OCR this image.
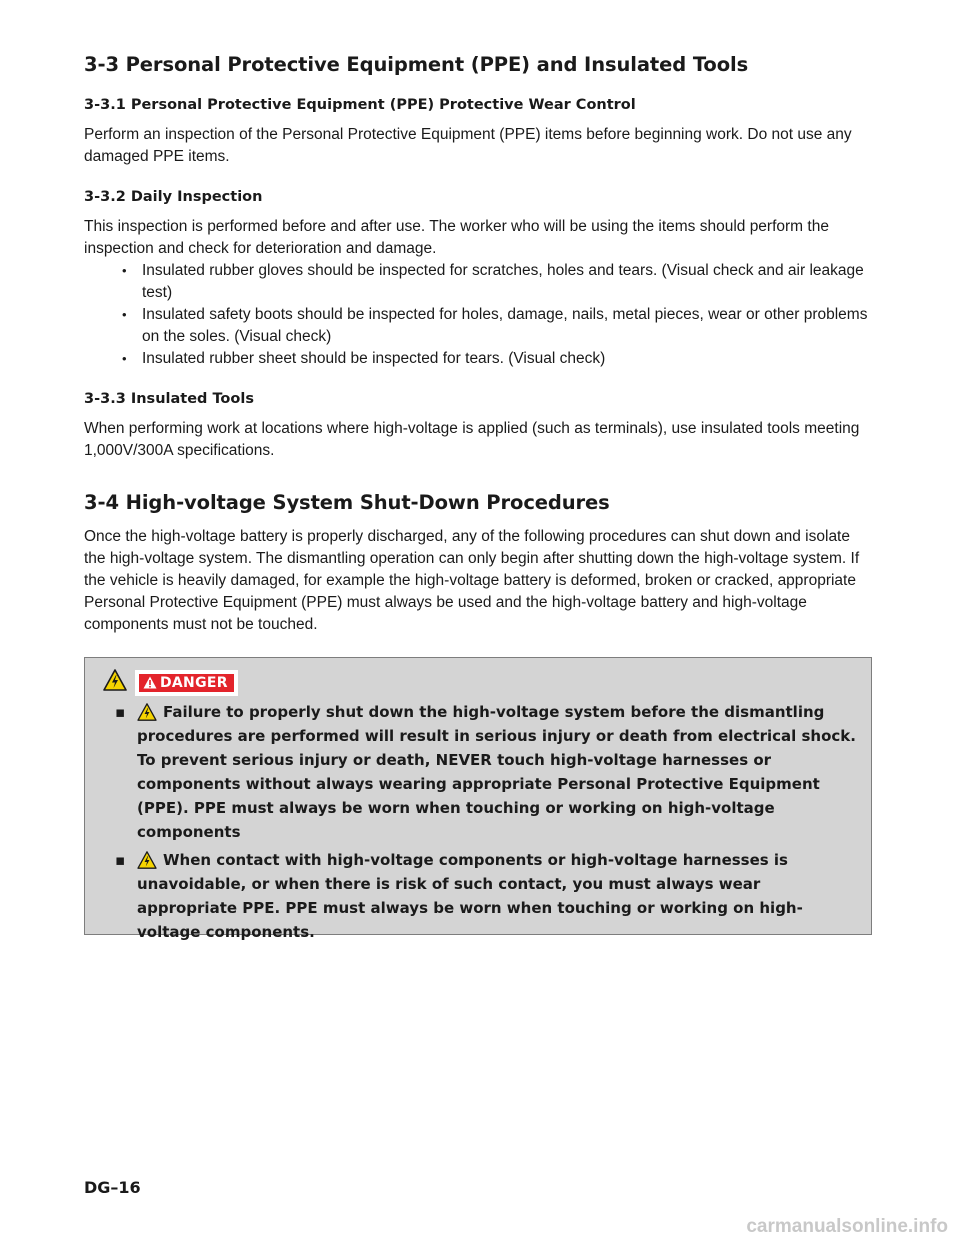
3-3 Personal Protective Equipment (PPE) and Insulated Tools
3-3.1 Personal Protective Equipment (PPE) Protective Wear Control

Perform an inspection of the Personal Protective Equipment (PPE) items before beginning work. Do not use any damaged PPE items.

3-3.2 Daily Inspection

This inspection is performed before and after use. The worker who will be using the items should perform the inspection and check for deterioration and damage.

• Insulated rubber gloves should be inspected for scratches, holes and tears. (Visual check and air leakage test)
• Insulated safety boots should be inspected for holes, damage, nails, metal pieces, wear or other problems on the soles. (Visual check)
• Insulated rubber sheet should be inspected for tears. (Visual check)
3-3.3 Insulated Tools

When performing work at locations where high-voltage is applied (such as terminals), use insulated tools meeting 1,000V/300A specifications.

3-4 High-voltage System Shut-Down Procedures

Once the high-voltage battery is properly discharged, any of the following procedures can shut down and isolate the high-voltage system. The dismantling operation can only begin after shutting down the high-voltage system. If the vehicle is heavily damaged, for example the high-voltage battery is deformed, broken or cracked, appropriate Personal Protective Equipment (PPE) must always be used and the high-voltage battery and high-voltage components must not be touched.

DANGER
▪	Failure to properly shut down the high-voltage system before the dismantling procedures are performed will result in serious injury or death from electrical shock. To prevent serious injury or death, NEVER touch high-voltage harnesses or components without always wearing appropriate Personal Protective Equipment (PPE). PPE must always be worn when touching or working on high-voltage components
▪	When contact with high-voltage components or high-voltage harnesses is unavoidable, or when there is risk of such contact, you must always wear appropriate PPE. PPE must always be worn when touching or working on high-voltage components.
DG–16
carmanualsonline.info
